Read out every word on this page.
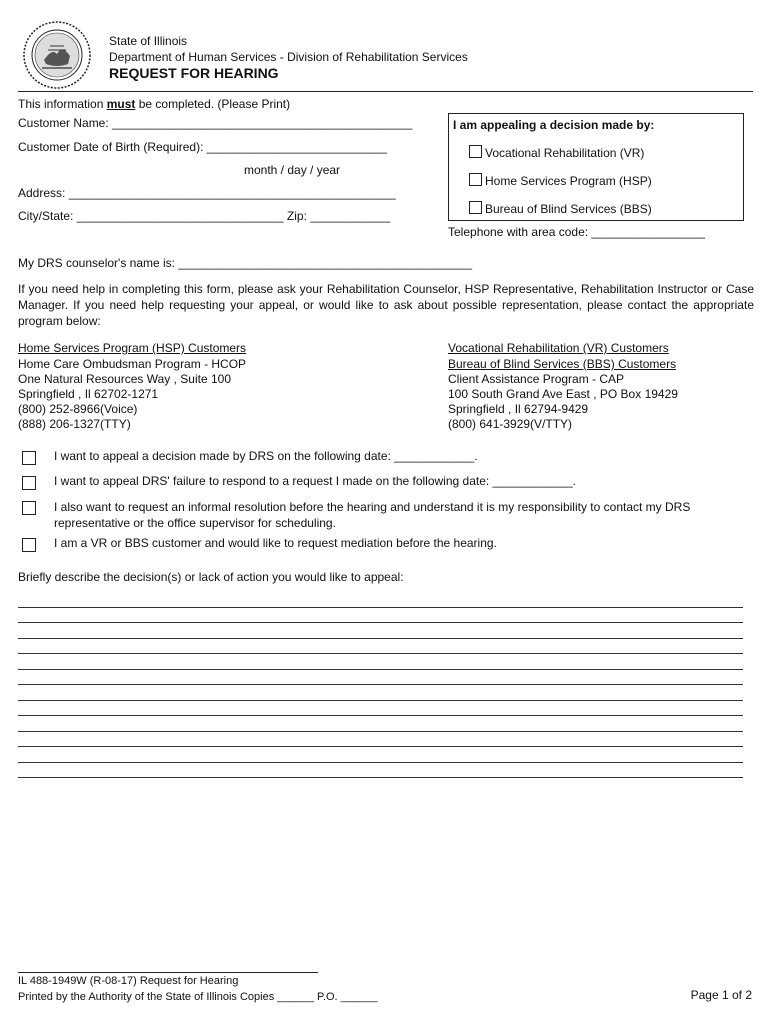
State of Illinois
Department of Human Services - Division of Rehabilitation Services
REQUEST FOR HEARING
This information must be completed. (Please Print)
Customer Name: _____________________________________________
Customer Date of Birth (Required): ___________________________
month / day / year
Address: _________________________________________________
City/State: _______________________________ Zip: ____________
I am appealing a decision made by:
Vocational Rehabilitation (VR)
Home Services Program (HSP)
Bureau of Blind Services (BBS)
Telephone with area code: _________________
My DRS counselor's name is: ____________________________________________
If you need help in completing this form, please ask your Rehabilitation Counselor, HSP Representative, Rehabilitation Instructor or Case Manager. If you need help requesting your appeal, or would like to ask about possible representation, please contact the appropriate program below:
Home Services Program (HSP) Customers
Home Care Ombudsman Program - HCOP
One Natural Resources Way , Suite 100
Springfield , Il 62702-1271
(800) 252-8966(Voice)
(888) 206-1327(TTY)
Vocational Rehabilitation (VR) Customers
Bureau of Blind Services (BBS) Customers
Client Assistance Program - CAP
100 South Grand Ave East , PO Box 19429
Springfield , Il 62794-9429
(800) 641-3929(V/TTY)
I want to appeal a decision made by DRS on the following date: ____________.
I want to appeal DRS' failure to respond to a request I made on the following date: ____________.
I also want to request an informal resolution before the hearing and understand it is my responsibility to contact my DRS representative or the office supervisor for scheduling.
I am a VR or BBS customer and would like to request mediation before the hearing.
Briefly describe the decision(s) or lack of action you would like to appeal:
IL 488-1949W (R-08-17) Request for Hearing
Printed by the Authority of the State of Illinois Copies ______ P.O. ______	Page 1 of 2
